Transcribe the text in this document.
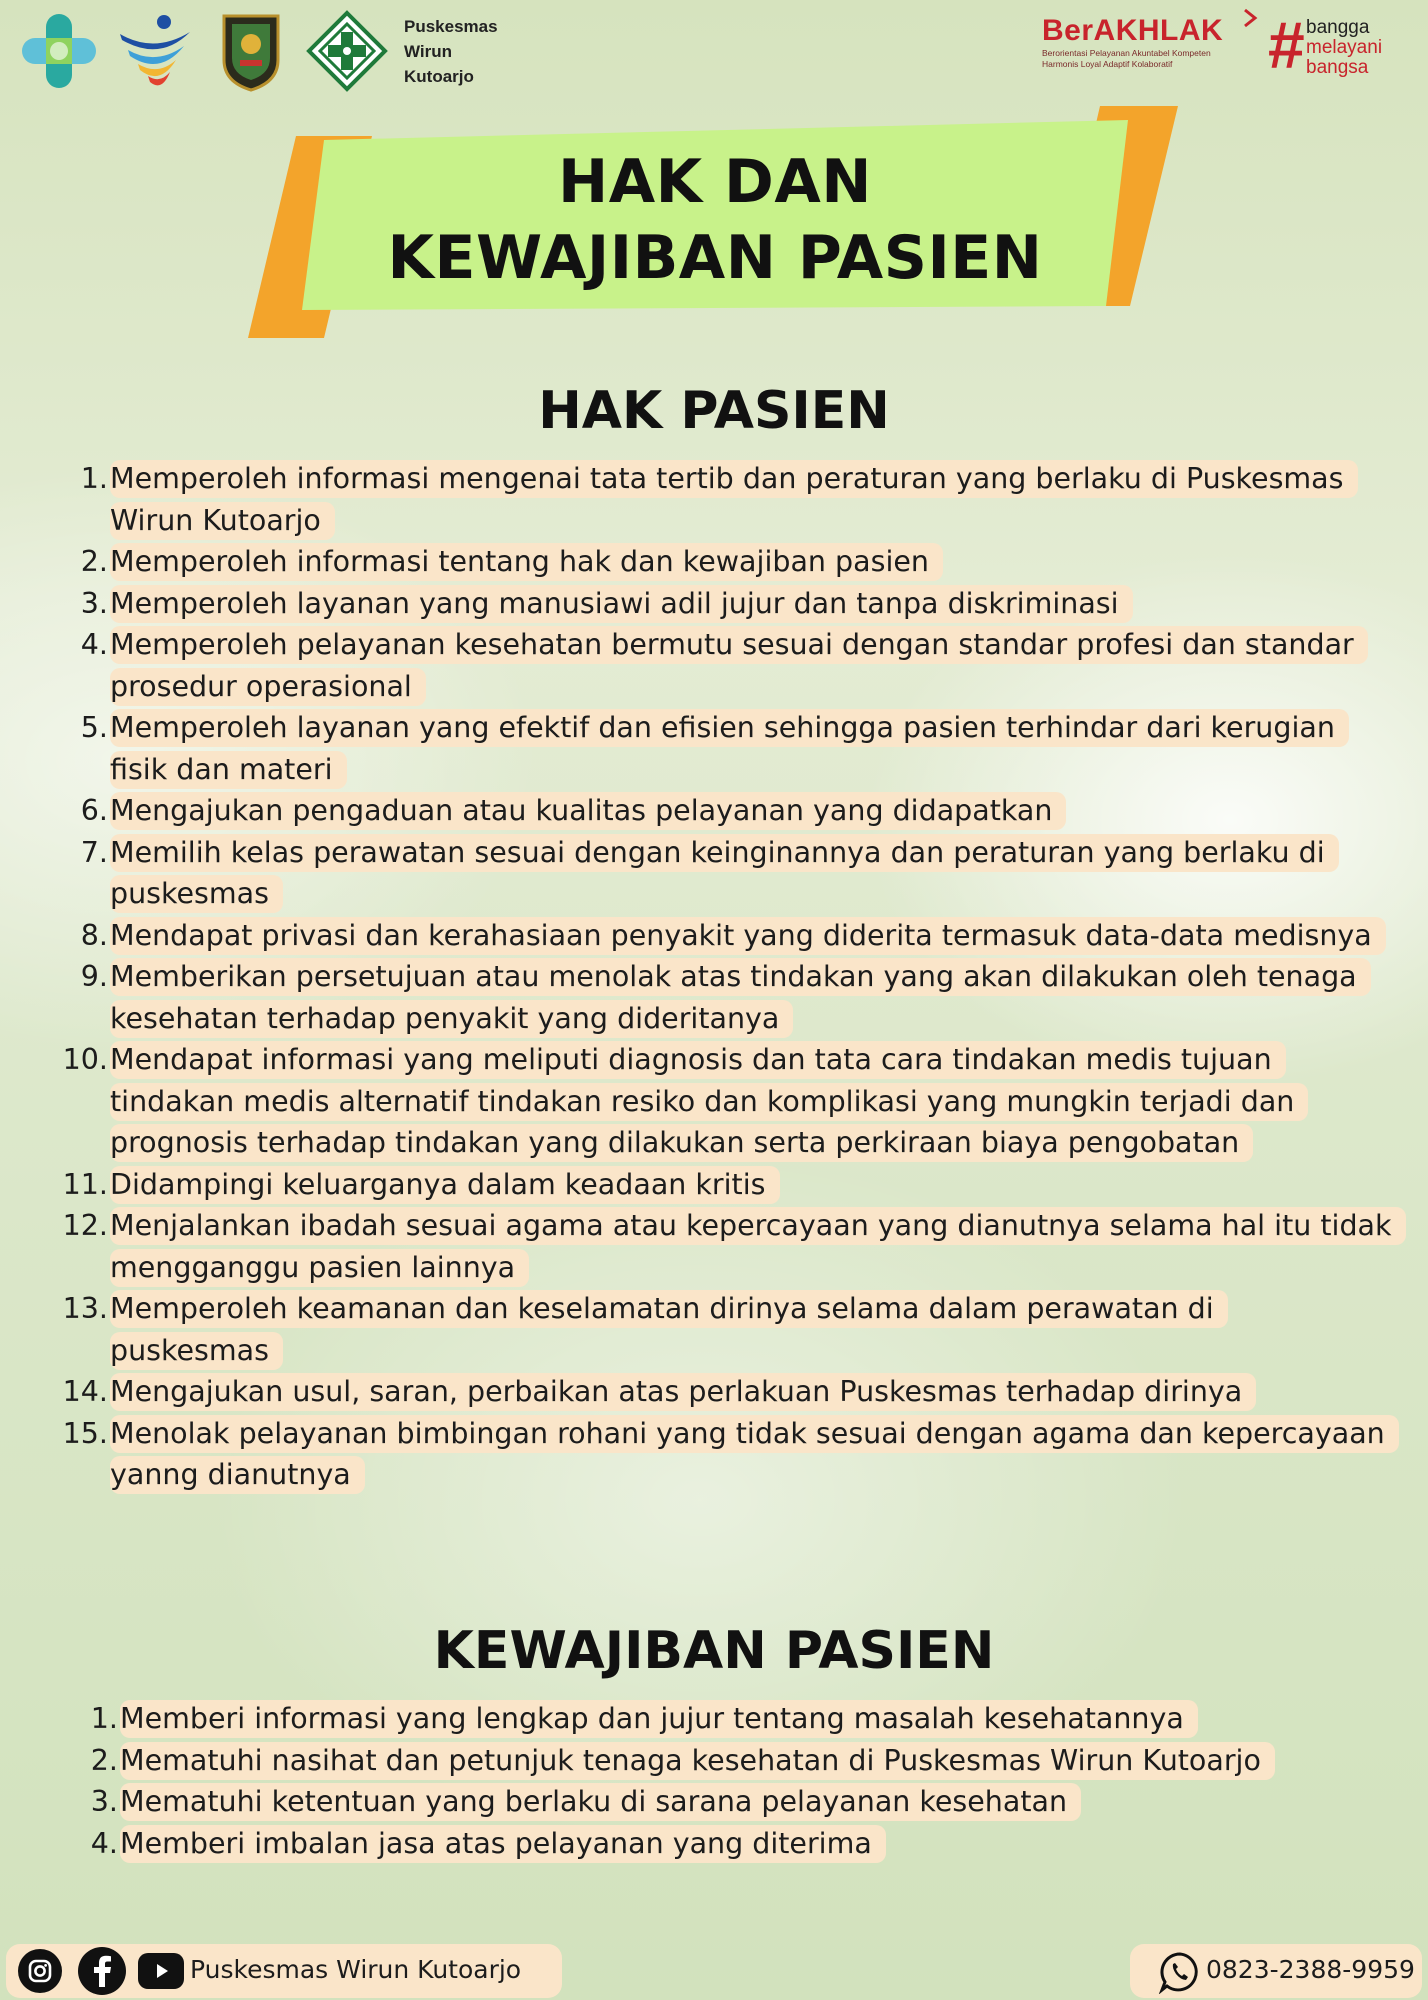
Puskesmas
Wirun
Kutoarjo
BerAKHLAK
Berorientasi Pelayanan Akuntabel Kompeten
Harmonis Loyal Adaptif Kolaboratif	# bangga
melayani
bangsa
HAK DAN
KEWAJIBAN PASIEN
HAK PASIEN
1. Memperoleh informasi mengenai tata tertib dan peraturan yang berlaku di Puskesmas Wirun Kutoarjo
2. Memperoleh informasi tentang hak dan kewajiban pasien
3. Memperoleh layanan yang manusiawi adil jujur dan tanpa diskriminasi
4. Memperoleh pelayanan kesehatan bermutu sesuai dengan standar profesi dan standar prosedur operasional
5. Memperoleh layanan yang efektif dan efisien sehingga pasien terhindar dari kerugian fisik dan materi
6. Mengajukan pengaduan atau kualitas pelayanan yang didapatkan
7. Memilih kelas perawatan sesuai dengan keinginannya dan peraturan yang berlaku di puskesmas
8. Mendapat privasi dan kerahasiaan penyakit yang diderita termasuk data-data medisnya
9. Memberikan persetujuan atau menolak atas tindakan yang akan dilakukan oleh tenaga kesehatan terhadap penyakit yang dideritanya
10. Mendapat informasi yang meliputi diagnosis dan tata cara tindakan medis tujuan tindakan medis alternatif tindakan resiko dan komplikasi yang mungkin terjadi dan prognosis terhadap tindakan yang dilakukan serta perkiraan biaya pengobatan
11. Didampingi keluarganya dalam keadaan kritis
12. Menjalankan ibadah sesuai agama atau kepercayaan yang dianutnya selama hal itu tidak mengganggu pasien lainnya
13. Memperoleh keamanan dan keselamatan dirinya selama dalam perawatan di puskesmas
14. Mengajukan usul, saran, perbaikan atas perlakuan Puskesmas terhadap dirinya
15. Menolak pelayanan bimbingan rohani yang tidak sesuai dengan agama dan kepercayaan yanng dianutnya
KEWAJIBAN PASIEN
1. Memberi informasi yang lengkap dan jujur tentang masalah kesehatannya
2. Mematuhi nasihat dan petunjuk tenaga kesehatan di Puskesmas Wirun Kutoarjo
3. Mematuhi ketentuan yang berlaku di sarana pelayanan kesehatan
4. Memberi imbalan jasa atas pelayanan yang diterima
Puskesmas Wirun Kutoarjo	0823-2388-9959
